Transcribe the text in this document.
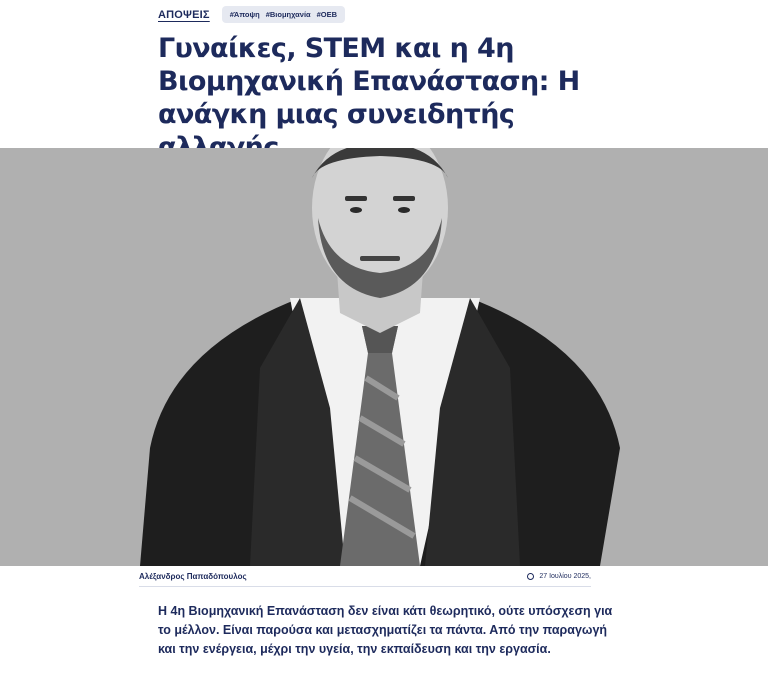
ΑΠΟΨΕΙΣ	#Άποψη #Βιομηχανία #ΟΕΒ
Γυναίκες, STEM και η 4η Βιομηχανική Επανάσταση: Η ανάγκη μιας συνειδητής
Αλέξανδρος Παπαδόπουλος	27 Ιουλίου 2025,

Η 4η Βιομηχανική Επανάσταση δεν είναι κάτι θεωρητικό, ούτε υπόσχεση για το μέλλον. Είναι παρούσα και μετασχηματίζει τα πάντα. Από την παραγωγή και την ενέργεια, μέχρι την υγεία, την εκπαίδευση και την εργασία.
